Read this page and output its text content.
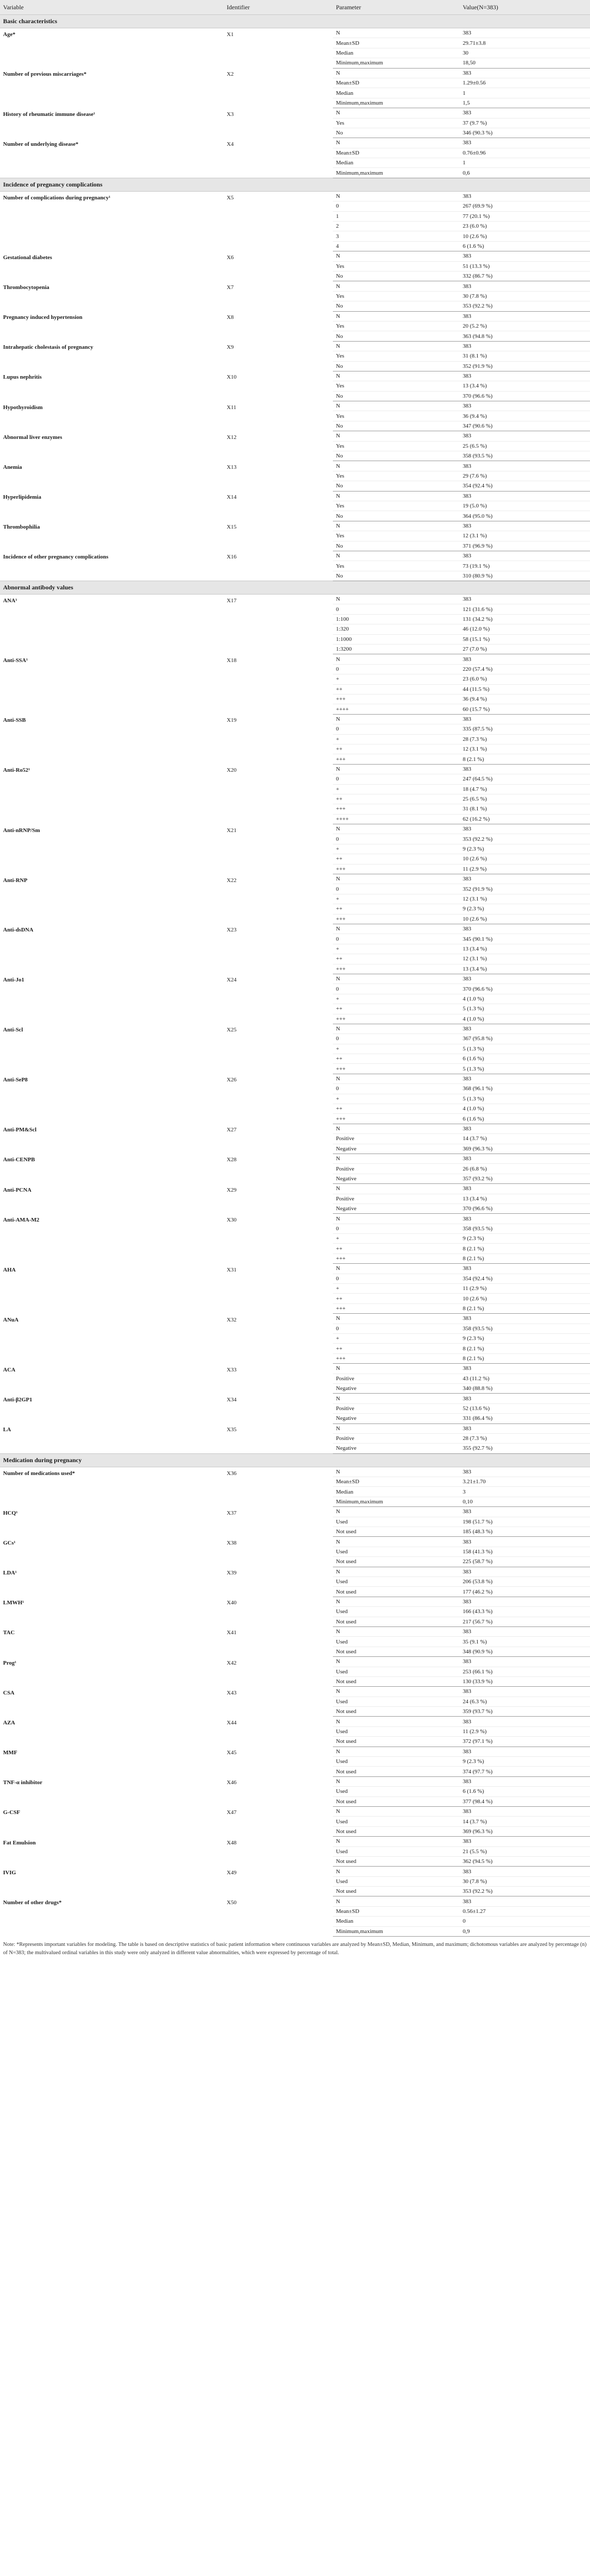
Variable	Identifier	Parameter	Value(N=383)
Basic characteristics			
Age*	X1	N	383
		Mean±SD	29.71±3.8
		Median	30
		Minimum,maximum	18,50
Number of previous miscarriages*	X2	N	383
		Mean±SD	1.29±0.56
		Median	1
		Minimum,maximum	1,5
History of rheumatic immune disease¹	X3	N	383
		Yes	37 (9.7 %)
		No	346 (90.3 %)
Number of underlying disease*	X4	N	383
		Mean±SD	0.76±0.96
		Median	1
		Minimum,maximum	0,6
Incidence of pregnancy complications			
Number of complications during pregnancy¹	X5	N	383
		0	267 (69.9 %)
		1	77 (20.1 %)
		2	23 (6.0 %)
		3	10 (2.6 %)
		4	6 (1.6 %)
Gestational diabetes	X6	N	383
		Yes	51 (13.3 %)
		No	332 (86.7 %)
Thrombocytopenia	X7	N	383
		Yes	30 (7.8 %)
		No	353 (92.2 %)
Pregnancy induced hypertension	X8	N	383
		Yes	20 (5.2 %)
		No	363 (94.8 %)
Intrahepatic cholestasis of pregnancy	X9	N	383
		Yes	31 (8.1 %)
		No	352 (91.9 %)
Lupus nephritis	X10	N	383
		Yes	13 (3.4 %)
		No	370 (96.6 %)
Hypothyroidism	X11	N	383
		Yes	36 (9.4 %)
		No	347 (90.6 %)
Abnormal liver enzymes	X12	N	383
		Yes	25 (6.5 %)
		No	358 (93.5 %)
Anemia	X13	N	383
		Yes	29 (7.6 %)
		No	354 (92.4 %)
Hyperlipidemia	X14	N	383
		Yes	19 (5.0 %)
		No	364 (95.0 %)
Thrombophilia	X15	N	383
		Yes	12 (3.1 %)
		No	371 (96.9 %)
Incidence of other pregnancy complications	X16	N	383
		Yes	73 (19.1 %)
		No	310 (80.9 %)
Abnormal antibody values			
ANA¹	X17	N	383
		0	121 (31.6 %)
		1:100	131 (34.2 %)
		1:320	46 (12.0 %)
		1:1000	58 (15.1 %)
		1:3200	27 (7.0 %)
Anti-SSA¹	X18	N	383
		0	220 (57.4 %)
		+	23 (6.0 %)
		++	44 (11.5 %)
		+++	36 (9.4 %)
		++++	60 (15.7 %)
Anti-SSB	X19	N	383
		0	335 (87.5 %)
		+	28 (7.3 %)
		++	12 (3.1 %)
		+++	8 (2.1 %)
Anti-Ro52¹	X20	N	383
		0	247 (64.5 %)
		+	18 (4.7 %)
		++	25 (6.5 %)
		+++	31 (8.1 %)
		++++	62 (16.2 %)
Anti-nRNP/Sm	X21	N	383
		0	353 (92.2 %)
		+	9 (2.3 %)
		++	10 (2.6 %)
		+++	11 (2.9 %)
Anti-RNP	X22	N	383
		0	352 (91.9 %)
		+	12 (3.1 %)
		++	9 (2.3 %)
		+++	10 (2.6 %)
Anti-dsDNA	X23	N	383
		0	345 (90.1 %)
		+	13 (3.4 %)
		++	12 (3.1 %)
		+++	13 (3.4 %)
Anti-Jo1	X24	N	383
		0	370 (96.6 %)
		+	4 (1.0 %)
		++	5 (1.3 %)
		+++	4 (1.0 %)
Anti-Scl	X25	N	383
		0	367 (95.8 %)
		+	5 (1.3 %)
		++	6 (1.6 %)
		+++	5 (1.3 %)
Anti-SeP8	X26	N	383
		0	368 (96.1 %)
		+	5 (1.3 %)
		++	4 (1.0 %)
		+++	6 (1.6 %)
Anti-PM&Scl	X27	N	383
		Positive	14 (3.7 %)
		Negative	369 (96.3 %)
Anti-CENPB	X28	N	383
		Positive	26 (6.8 %)
		Negative	357 (93.2 %)
Anti-PCNA	X29	N	383
		Positive	13 (3.4 %)
		Negative	370 (96.6 %)
Anti-AMA-M2	X30	N	383
		0	358 (93.5 %)
		+	9 (2.3 %)
		++	8 (2.1 %)
		+++	8 (2.1 %)
AHA	X31	N	383
		0	354 (92.4 %)
		+	11 (2.9 %)
		++	10 (2.6 %)
		+++	8 (2.1 %)
ANuA	X32	N	383
		0	358 (93.5 %)
		+	9 (2.3 %)
		++	8 (2.1 %)
		+++	8 (2.1 %)
ACA	X33	N	383
		Positive	43 (11.2 %)
		Negative	340 (88.8 %)
Anti-β2GP1	X34	N	383
		Positive	52 (13.6 %)
		Negative	331 (86.4 %)
LA	X35	N	383
		Positive	28 (7.3 %)
		Negative	355 (92.7 %)
Medication during pregnancy			
Number of medications used*	X36	N	383
		Mean±SD	3.21±1.70
		Median	3
		Minimum,maximum	0,10
HCQ¹	X37	N	383
		Used	198 (51.7 %)
		Not used	185 (48.3 %)
GCs¹	X38	N	383
		Used	158 (41.3 %)
		Not used	225 (58.7 %)
LDA¹	X39	N	383
		Used	206 (53.8 %)
		Not used	177 (46.2 %)
LMWH¹	X40	N	383
		Used	166 (43.3 %)
		Not used	217 (56.7 %)
TAC	X41	N	383
		Used	35 (9.1 %)
		Not used	348 (90.9 %)
Prog¹	X42	N	383
		Used	253 (66.1 %)
		Not used	130 (33.9 %)
CSA	X43	N	383
		Used	24 (6.3 %)
		Not used	359 (93.7 %)
AZA	X44	N	383
		Used	11 (2.9 %)
		Not used	372 (97.1 %)
MMF	X45	N	383
		Used	9 (2.3 %)
		Not used	374 (97.7 %)
TNF-α inhibitor	X46	N	383
		Used	6 (1.6 %)
		Not used	377 (98.4 %)
G-CSF	X47	N	383
		Used	14 (3.7 %)
		Not used	369 (96.3 %)
Fat Emulsion	X48	N	383
		Used	21 (5.5 %)
		Not used	362 (94.5 %)
IVIG	X49	N	383
		Used	30 (7.8 %)
		Not used	353 (92.2 %)
Number of other drugs*	X50	N	383
		Mean±SD	0.56±1.27
		Median	0
		Minimum,maximum	0,9
Note: *Represents important variables for modeling. The table is based on descriptive statistics of basic patient information where continuous variables are analyzed by Mean±SD, Median, Minimum, and maximum; dichotomous variables are analyzed by percentage (n) of N=383; the multivalued ordinal variables in this study were only analyzed in different value abnormalities, which were expressed by percentage of total.
